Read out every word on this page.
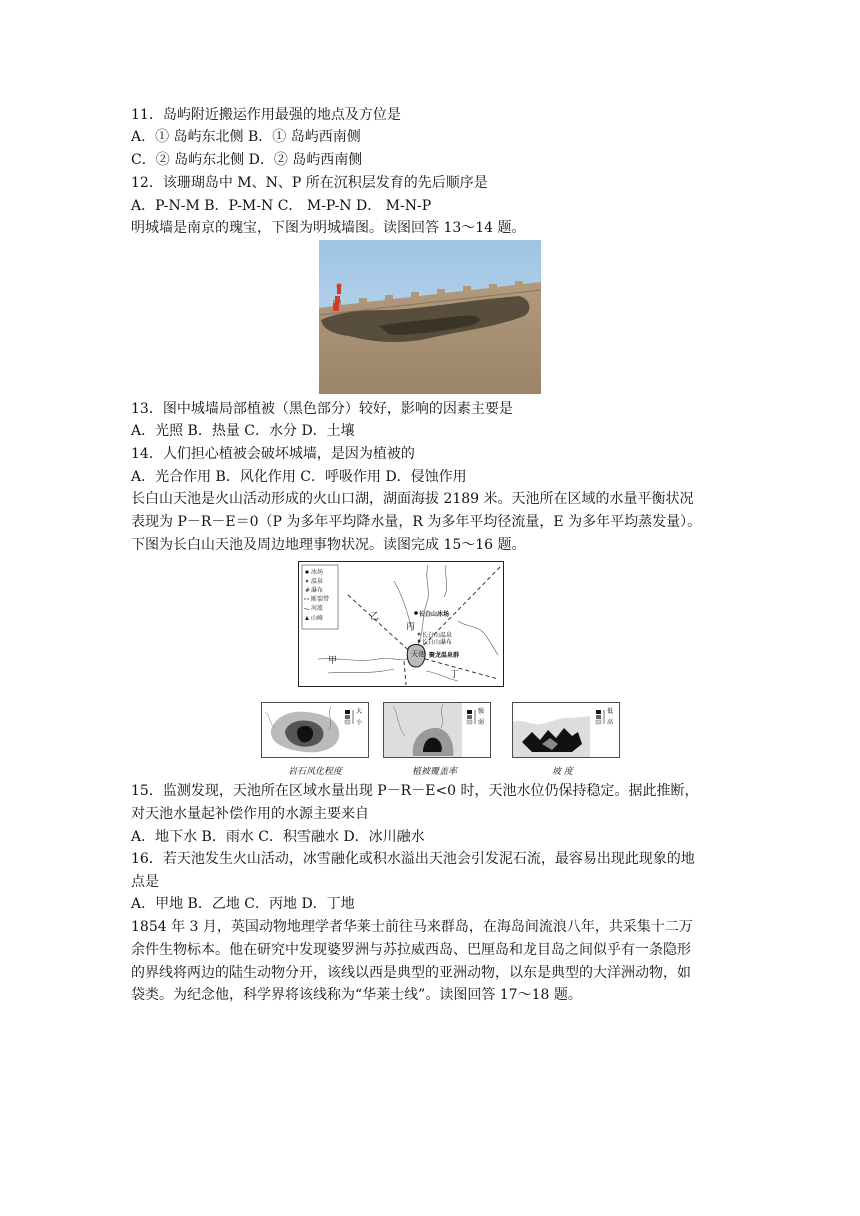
11．岛屿附近搬运作用最强的地点及方位是
A．① 岛屿东北侧 B．① 岛屿西南侧
C．② 岛屿东北侧 D．② 岛屿西南侧
12．该珊瑚岛中 M、N、P 所在沉积层发育的先后顺序是
A．P-N-M B．P-M-N C． M-P-N D． M-N-P
明城墙是南京的瑰宝，下图为明城墙图。读图回答 13～14 题。
13．图中城墙局部植被（黑色部分）较好，影响的因素主要是
A．光照 B．热量 C．水分 D．土壤
14．人们担心植被会破坏城墙，是因为植被的
A．光合作用 B．风化作用 C．呼吸作用 D．侵蚀作用
长白山天池是火山活动形成的火山口湖，湖面海拔 2189 米。天池所在区域的水量平衡状况
表现为 P－R－E＝0（P 为多年平均降水量，R 为多年平均径流量，E 为多年平均蒸发量）。
下图为长白山天池及周边地理事物状况。读图完成 15～16 题。
冰场
温泉
# 瀑布
断裂带
河流
山峰
天池
长白山冰场
长白山温泉
# 长白山瀑布
聚龙温泉群
乙
丙
甲
丁
大
小
强
弱
低
高
岩石风化程度	植被覆盖率	坡 度
15．监测发现，天池所在区域水量出现 P－R－E<0 时，天池水位仍保持稳定。据此推断，
对天池水量起补偿作用的水源主要来自
A．地下水 B．雨水 C．积雪融水 D．冰川融水
16．若天池发生火山活动，冰雪融化或积水溢出天池会引发泥石流，最容易出现此现象的地
点是
A．甲地 B．乙地 C．丙地 D．丁地
1854 年 3 月，英国动物地理学者华莱士前往马来群岛，在海岛间流浪八年，共采集十二万
余件生物标本。他在研究中发现婆罗洲与苏拉威西岛、巴厘岛和龙目岛之间似乎有一条隐形
的界线将两边的陆生动物分开，该线以西是典型的亚洲动物，以东是典型的大洋洲动物，如
袋类。为纪念他，科学界将该线称为“华莱士线”。读图回答 17～18 题。
